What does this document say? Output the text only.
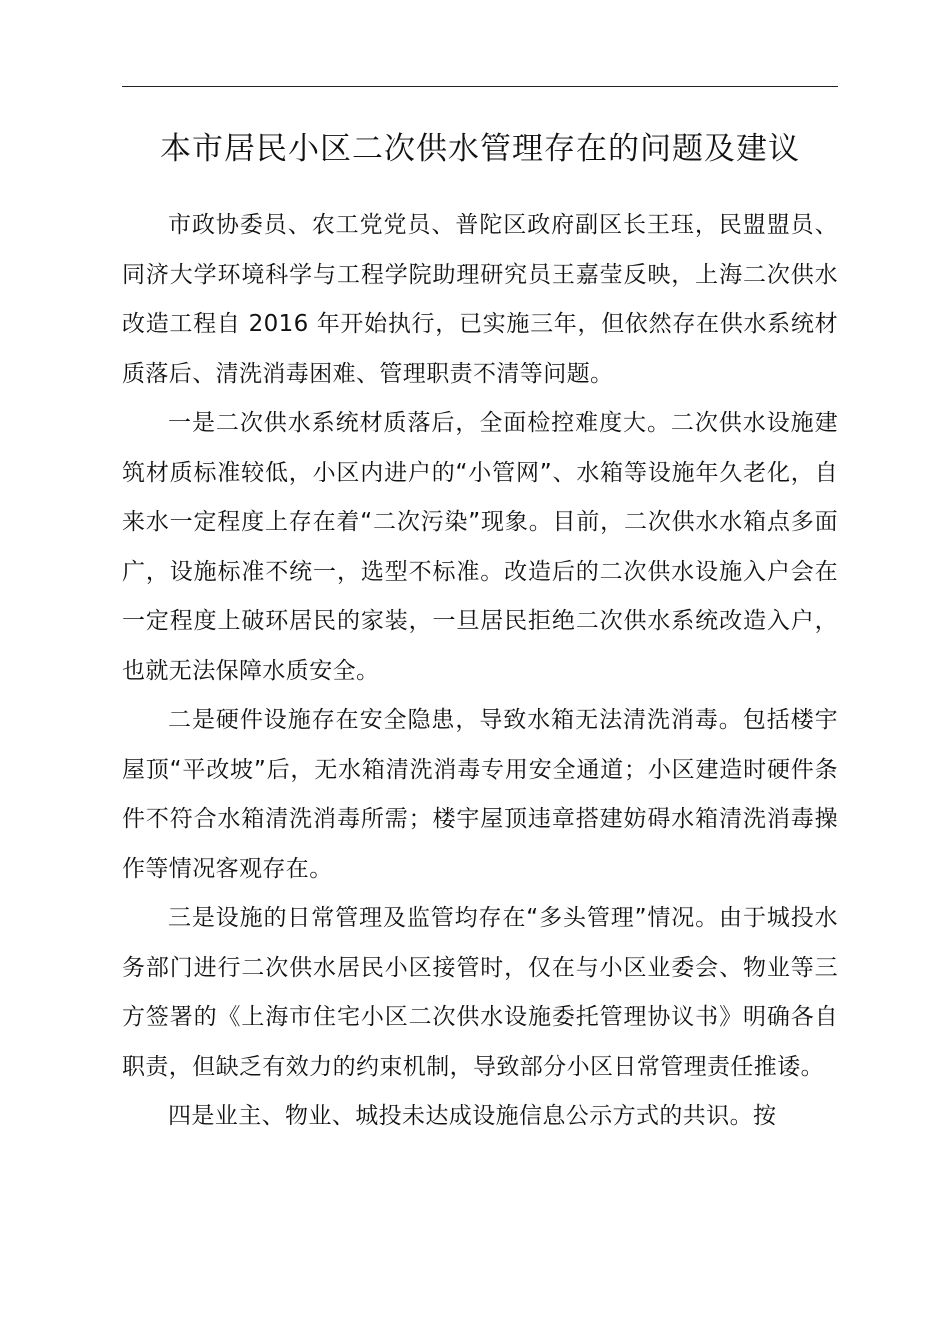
本市居民小区二次供水管理存在的问题及建议

市政协委员、农工党党员、普陀区政府副区长王珏，民盟盟员、同济大学环境科学与工程学院助理研究员王嘉莹反映，上海二次供水改造工程自 2016 年开始执行，已实施三年，但依然存在供水系统材质落后、清洗消毒困难、管理职责不清等问题。

一是二次供水系统材质落后，全面检控难度大。二次供水设施建筑材质标准较低，小区内进户的“小管网”、水箱等设施年久老化，自来水一定程度上存在着“二次污染”现象。目前，二次供水水箱点多面广，设施标准不统一，选型不标准。改造后的二次供水设施入户会在一定程度上破环居民的家装，一旦居民拒绝二次供水系统改造入户，也就无法保障水质安全。

二是硬件设施存在安全隐患，导致水箱无法清洗消毒。包括楼宇屋顶“平改坡”后，无水箱清洗消毒专用安全通道；小区建造时硬件条件不符合水箱清洗消毒所需；楼宇屋顶违章搭建妨碍水箱清洗消毒操作等情况客观存在。

三是设施的日常管理及监管均存在“多头管理”情况。由于城投水务部门进行二次供水居民小区接管时，仅在与小区业委会、物业等三方签署的《上海市住宅小区二次供水设施委托管理协议书》明确各自职责，但缺乏有效力的约束机制，导致部分小区日常管理责任推诿。

四是业主、物业、城投未达成设施信息公示方式的共识。按
